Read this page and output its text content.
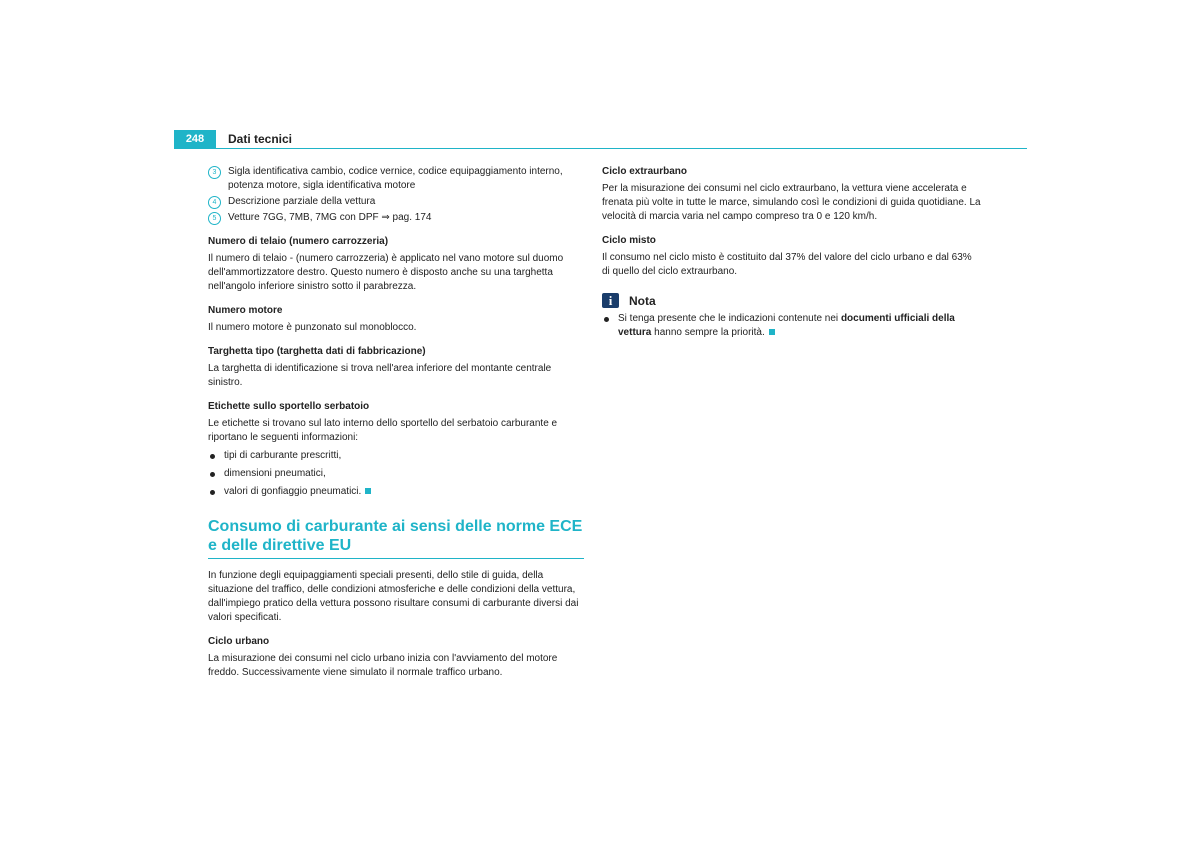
248	Dati tecnici
3	Sigla identificativa cambio, codice vernice, codice equipaggiamento interno, potenza motore, sigla identificativa motore
4	Descrizione parziale della vettura
5	Vetture 7GG, 7MB, 7MG con DPF ⇒ pag. 174
Numero di telaio (numero carrozzeria)

Il numero di telaio - (numero carrozzeria) è applicato nel vano motore sul duomo dell'ammortizzatore destro. Questo numero è disposto anche su una targhetta nell'angolo inferiore sinistro sotto il parabrezza.

Numero motore

Il numero motore è punzonato sul monoblocco.

Targhetta tipo (targhetta dati di fabbricazione)

La targhetta di identificazione si trova nell'area inferiore del montante centrale sinistro.

Etichette sullo sportello serbatoio

Le etichette si trovano sul lato interno dello sportello del serbatoio carburante e riportano le seguenti informazioni:

tipi di carburante prescritti,
dimensioni pneumatici,
valori di gonfiaggio pneumatici.
Consumo di carburante ai sensi delle norme ECE e delle direttive EU

In funzione degli equipaggiamenti speciali presenti, dello stile di guida, della situazione del traffico, delle condizioni atmosferiche e delle condizioni della vettura, dall'impiego pratico della vettura possono risultare consumi di carburante diversi dai valori specificati.

Ciclo urbano

La misurazione dei consumi nel ciclo urbano inizia con l'avviamento del motore freddo. Successivamente viene simulato il normale traffico urbano.

Ciclo extraurbano

Per la misurazione dei consumi nel ciclo extraurbano, la vettura viene accelerata e frenata più volte in tutte le marce, simulando così le condizioni di guida quotidiane. La velocità di marcia varia nel campo compreso tra 0 e 120 km/h.

Ciclo misto

Il consumo nel ciclo misto è costituito dal 37% del valore del ciclo urbano e dal 63% di quello del ciclo extraurbano.

i	Nota
Si tenga presente che le indicazioni contenute nei documenti ufficiali della vettura hanno sempre la priorità.
